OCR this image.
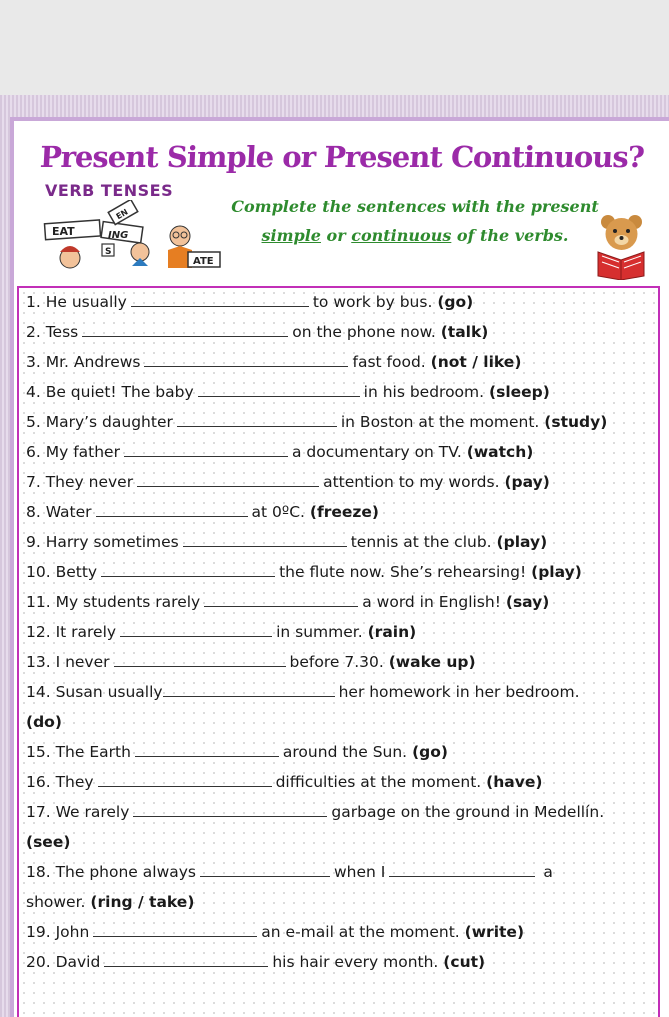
Present Simple or Present Continuous?
VERB TENSES
EAT	ING
EN
S
ATE
Complete the sentences with the present
simple or continuous of the verbs.
1. He usually	to work by bus. (go)
2. Tess	on the phone now. (talk)
3. Mr. Andrews	fast food. (not / like)
4. Be quiet! The baby	in his bedroom. (sleep)
5. Mary’s daughter	in Boston at the moment. (study)
6. My father	a documentary on TV. (watch)
7. They never	attention to my words. (pay)
8. Water	at 0ºC. (freeze)
9. Harry sometimes	tennis at the club. (play)
10. Betty	the flute now. She’s rehearsing! (play)
11. My students rarely	a word in English! (say)
12. It rarely	in summer. (rain)
13. I never	before 7.30. (wake up)
14. Susan usually	her homework in her bedroom.
(do)
15. The Earth	around the Sun. (go)
16. They	difficulties at the moment. (have)
17. We rarely	garbage on the ground in Medellín.
(see)
18. The phone always	when I	a
shower. (ring / take)
19. John	an e-mail at the moment. (write)
20. David	his hair every month. (cut)
